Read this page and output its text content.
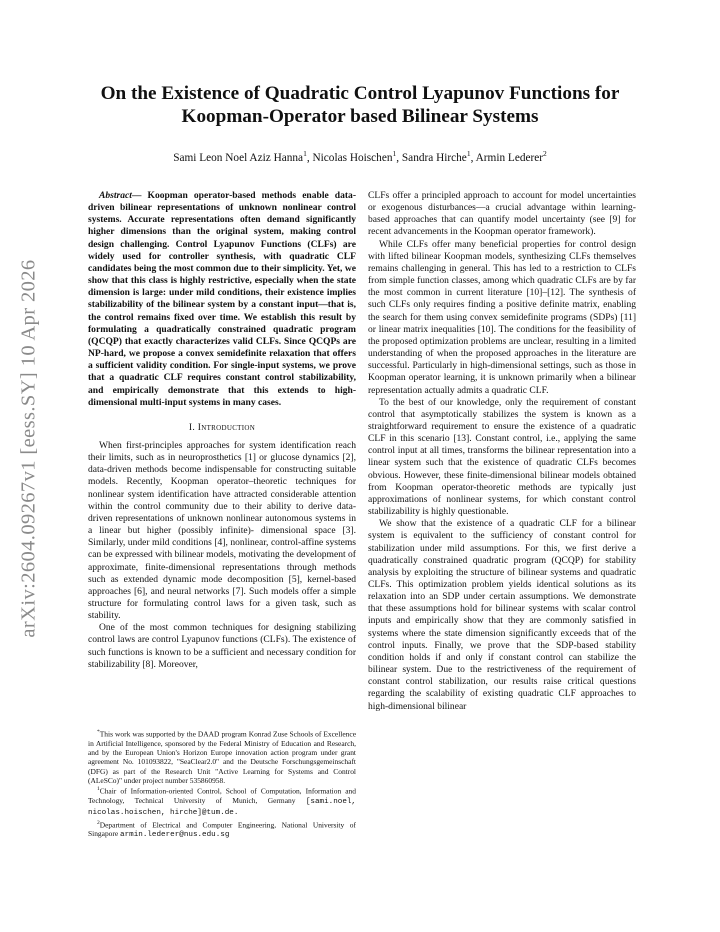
arXiv:2604.09267v1 [eess.SY] 10 Apr 2026
On the Existence of Quadratic Control Lyapunov Functions for
Koopman-Operator based Bilinear Systems
Sami Leon Noel Aziz Hanna$^1$, Nicolas Hoischen$^1$, Sandra Hirche$^1$, Armin Lederer$^2$

Abstract— Koopman operator-based methods enable data-driven bilinear representations of unknown nonlinear control systems. Accurate representations often demand significantly higher dimensions than the original system, making control design challenging. Control Lyapunov Functions (CLFs) are widely used for controller synthesis, with quadratic CLF candidates being the most common due to their simplicity. Yet, we show that this class is highly restrictive, especially when the state dimension is large: under mild conditions, their existence implies stabilizability of the bilinear system by a constant input—that is, the control remains fixed over time. We establish this result by formulating a quadratically constrained quadratic program (QCQP) that exactly characterizes valid CLFs. Since QCQPs are NP-hard, we propose a convex semidefinite relaxation that offers a sufficient validity condition. For single-input systems, we prove that a quadratic CLF requires constant control stabilizability, and empirically demonstrate that this extends to high-dimensional multi-input systems in many cases.

I. Introduction

When first-principles approaches for system identification reach their limits, such as in neuroprosthetics [1] or glucose dynamics [2], data-driven methods become indispensable for constructing suitable models. Recently, Koopman operator–theoretic techniques for nonlinear system identification have attracted considerable attention within the control community due to their ability to derive data-driven representations of unknown nonlinear autonomous systems in a linear but higher (possibly infinite)- dimensional space [3]. Similarly, under mild conditions [4], nonlinear, control-affine systems can be expressed with bilinear models, motivating the development of approximate, finite-dimensional representations through methods such as extended dynamic mode decomposition [5], kernel-based approaches [6], and neural networks [7]. Such models offer a simple structure for formulating control laws for a given task, such as stability.

One of the most common techniques for designing stabilizing control laws are control Lyapunov functions (CLFs). The existence of such functions is known to be a sufficient and necessary condition for stabilizability [8]. Moreover,

*This work was supported by the DAAD program Konrad Zuse Schools of Excellence in Artificial Intelligence, sponsored by the Federal Ministry of Education and Research, and by the European Union's Horizon Europe innovation action program under grant agreement No. 101093822, "SeaClear2.0" and the Deutsche Forschungsgemeinschaft (DFG) as part of the Research Unit "Active Learning for Systems and Control (ALeSCo)" under project number 535860958.

$^1$Chair of Information-oriented Control, School of Computation, Information and Technology, Technical University of Munich, Germany [sami.noel, nicolas.hoischen, hirche]@tum.de.

$^2$Department of Electrical and Computer Engineering, National University of Singapore armin.lederer@nus.edu.sg

CLFs offer a principled approach to account for model uncertainties or exogenous disturbances—a crucial advantage within learning-based approaches that can quantify model uncertainty (see [9] for recent advancements in the Koopman operator framework).

While CLFs offer many beneficial properties for control design with lifted bilinear Koopman models, synthesizing CLFs themselves remains challenging in general. This has led to a restriction to CLFs from simple function classes, among which quadratic CLFs are by far the most common in current literature [10]–[12]. The synthesis of such CLFs only requires finding a positive definite matrix, enabling the search for them using convex semidefinite programs (SDPs) [11] or linear matrix inequalities [10]. The conditions for the feasibility of the proposed optimization problems are unclear, resulting in a limited understanding of when the proposed approaches in the literature are successful. Particularly in high-dimensional settings, such as those in Koopman operator learning, it is unknown primarily when a bilinear representation actually admits a quadratic CLF.

To the best of our knowledge, only the requirement of constant control that asymptotically stabilizes the system is known as a straightforward requirement to ensure the existence of a quadratic CLF in this scenario [13]. Constant control, i.e., applying the same control input at all times, transforms the bilinear representation into a linear system such that the existence of quadratic CLFs becomes obvious. However, these finite-dimensional bilinear models obtained from Koopman operator-theoretic methods are typically just approximations of nonlinear systems, for which constant control stabilizability is highly questionable.

We show that the existence of a quadratic CLF for a bilinear system is equivalent to the sufficiency of constant control for stabilization under mild assumptions. For this, we first derive a quadratically constrained quadratic program (QCQP) for stability analysis by exploiting the structure of bilinear systems and quadratic CLFs. This optimization problem yields identical solutions as its relaxation into an SDP under certain assumptions. We demonstrate that these assumptions hold for bilinear systems with scalar control inputs and empirically show that they are commonly satisfied in systems where the state dimension significantly exceeds that of the control inputs. Finally, we prove that the SDP-based stability condition holds if and only if constant control can stabilize the bilinear system. Due to the restrictiveness of the requirement of constant control stabilization, our results raise critical questions regarding the scalability of existing quadratic CLF approaches to high-dimensional bilinear
